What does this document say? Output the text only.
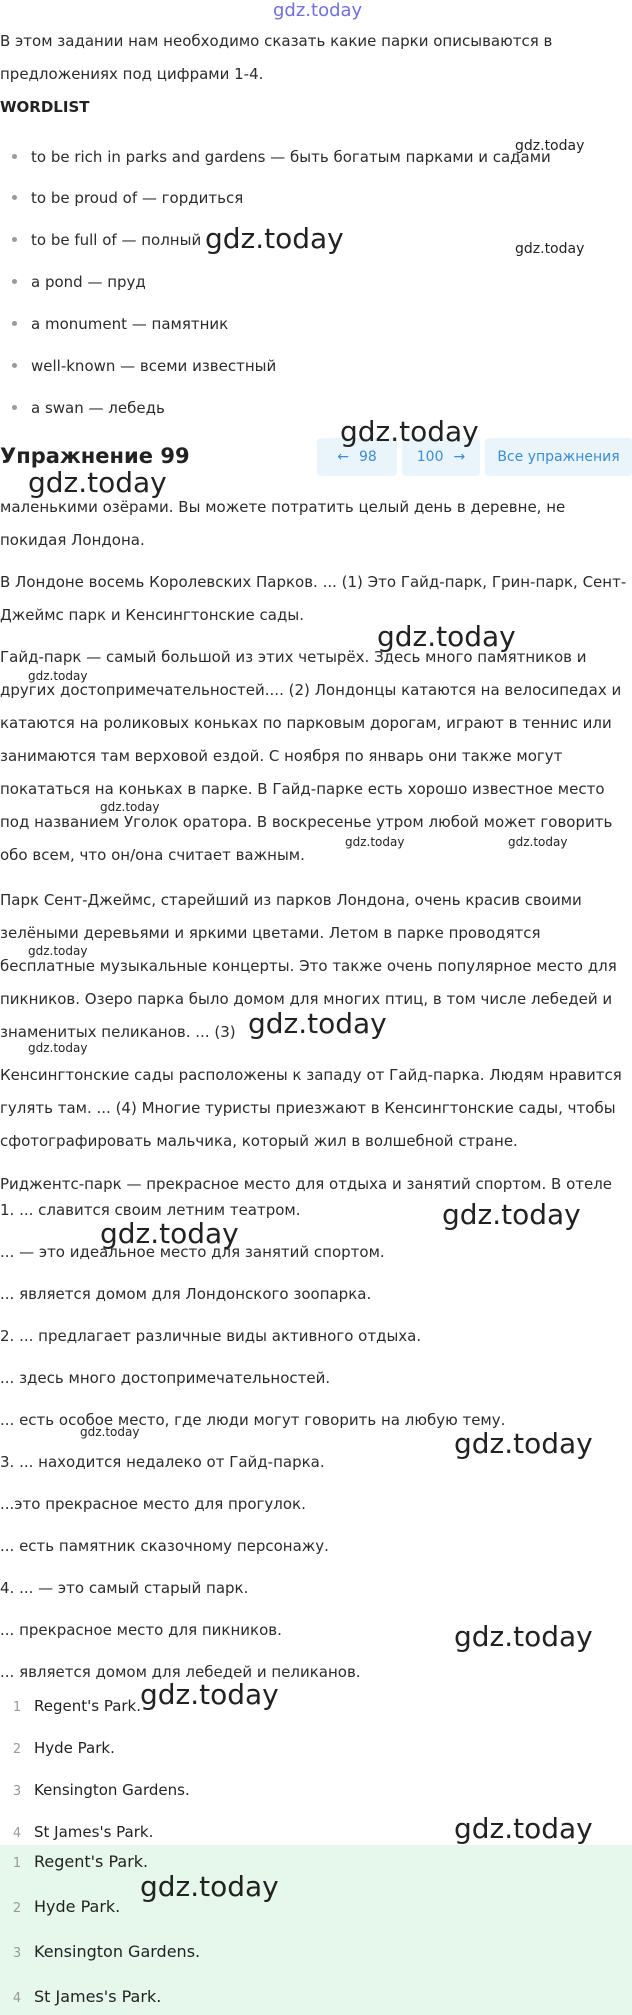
gdz.today

В этом задании нам необходимо сказать какие парки описываются в предложениях под цифрами 1-4.

WORDLIST
to be rich in parks and gardens — быть богатым парками и садами
to be proud of — гордиться
to be full of — полный
a pond — пруд
a monument — памятник
well-known — всеми известный
a swan — лебедь
Упражнение 99	← 98	100 → Все упражнения

маленькими озёрами. Вы можете потратить целый день в деревне, не покидая Лондона.

В Лондоне восемь Королевских Парков. ... (1) Это Гайд-парк, Грин-парк, Сент-Джеймс парк и Кенсингтонские сады.

Гайд-парк — самый большой из этих четырёх. Здесь много памятников и других достопримечательностей.... (2) Лондонцы катаются на велосипедах и катаются на роликовых коньках по парковым дорогам, играют в теннис или занимаются там верховой ездой. С ноября по январь они также могут покататься на коньках в парке. В Гайд-парке есть хорошо известное место под названием Уголок оратора. В воскресенье утром любой может говорить обо всем, что он/она считает важным.

Парк Сент-Джеймс, старейший из парков Лондона, очень красив своими зелёными деревьями и яркими цветами. Летом в парке проводятся бесплатные музыкальные концерты. Это также очень популярное место для пикников. Озеро парка было домом для многих птиц, в том числе лебедей и знаменитых пеликанов. ... (3)

Кенсингтонские сады расположены к западу от Гайд-парка. Людям нравится гулять там. ... (4) Многие туристы приезжают в Кенсингтонские сады, чтобы сфотографировать мальчика, который жил в волшебной стране.

Риджентс-парк — прекрасное место для отдыха и занятий спортом. В отеле

1. ... славится своим летним театром.
... — это идеальное место для занятий спортом.
... является домом для Лондонского зоопарка.
2. ... предлагает различные виды активного отдыха.
... здесь много достопримечательностей.
... есть особое место, где люди могут говорить на любую тему.
3. ... находится недалеко от Гайд-парка.
...это прекрасное место для прогулок.
... есть памятник сказочному персонажу.
4. ... — это самый старый парк.
... прекрасное место для пикников.
... является домом для лебедей и пеликанов.
1 Regent's Park.
2 Hyde Park.
3 Kensington Gardens.
4 St James's Park.
1 Regent's Park.
2 Hyde Park.
3 Kensington Gardens.
4 St James's Park.
gdz.today
gdz.today	gdz.today
gdz.today
gdz.today
gdz.today
gdz.today
gdz.today
gdz.today	gdz.today
gdz.today
gdz.today
gdz.today
gdz.today
gdz.today
gdz.today	gdz.today
gdz.today
gdz.today
gdz.today
gdz.today
